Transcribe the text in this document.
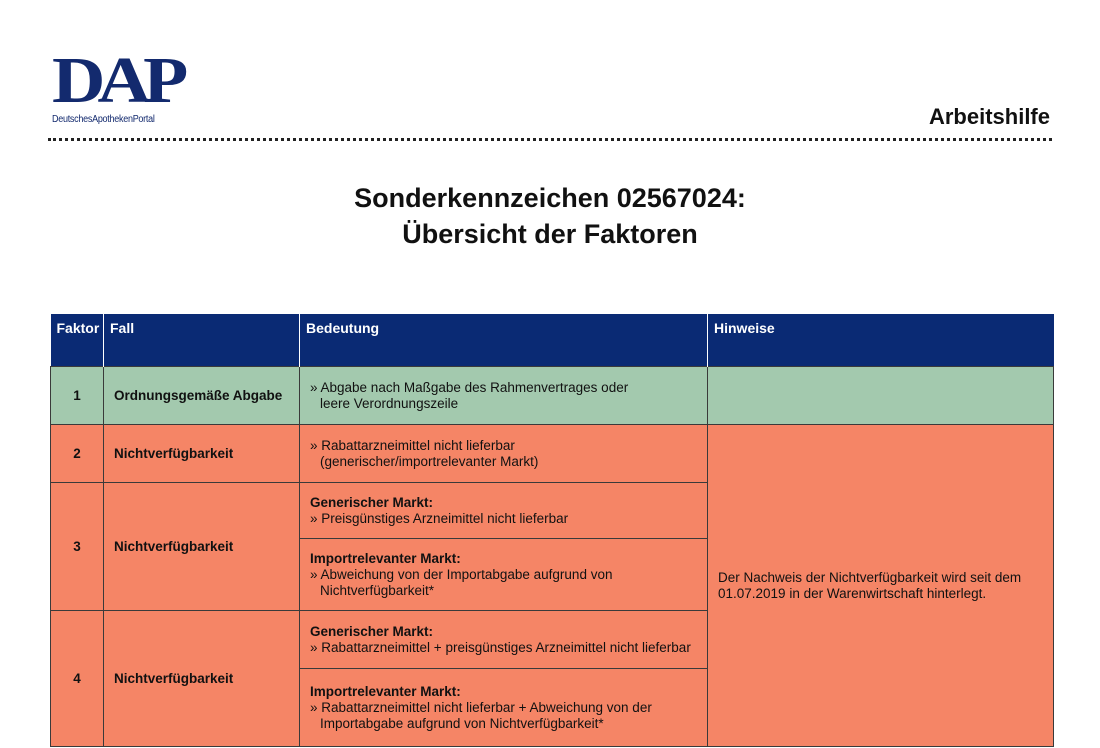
DAP
DeutschesApothekenPortal	Arbeitshilfe
Sonderkennzeichen 02567024:
Übersicht der Faktoren
Faktor	Fall	Bedeutung	Hinweise
1	Ordnungsgemäße Abgabe	» Abgabe nach Maßgabe des Rahmenvertrages oder
leere Verordnungszeile	

2	Nichtverfügbarkeit	» Rabattarzneimittel nicht lieferbar
(generischer/importrelevanter Markt)	Der Nachweis der Nichtverfügbarkeit wird seit dem
01.07.2019 in der Warenwirtschaft hinterlegt.

3	Nichtverfügbarkeit	Generischer Markt:
» Preisgünstiges Arzneimittel nicht lieferbar	

		Importrelevanter Markt:
» Abweichung von der Importabgabe aufgrund von
Nichtverfügbarkeit*	

4	Nichtverfügbarkeit	Generischer Markt:
» Rabattarzneimittel + preisgünstiges Arzneimittel nicht lieferbar	

		Importrelevanter Markt:
» Rabattarzneimittel nicht lieferbar + Abweichung von der
Importabgabe aufgrund von Nichtverfügbarkeit*	
